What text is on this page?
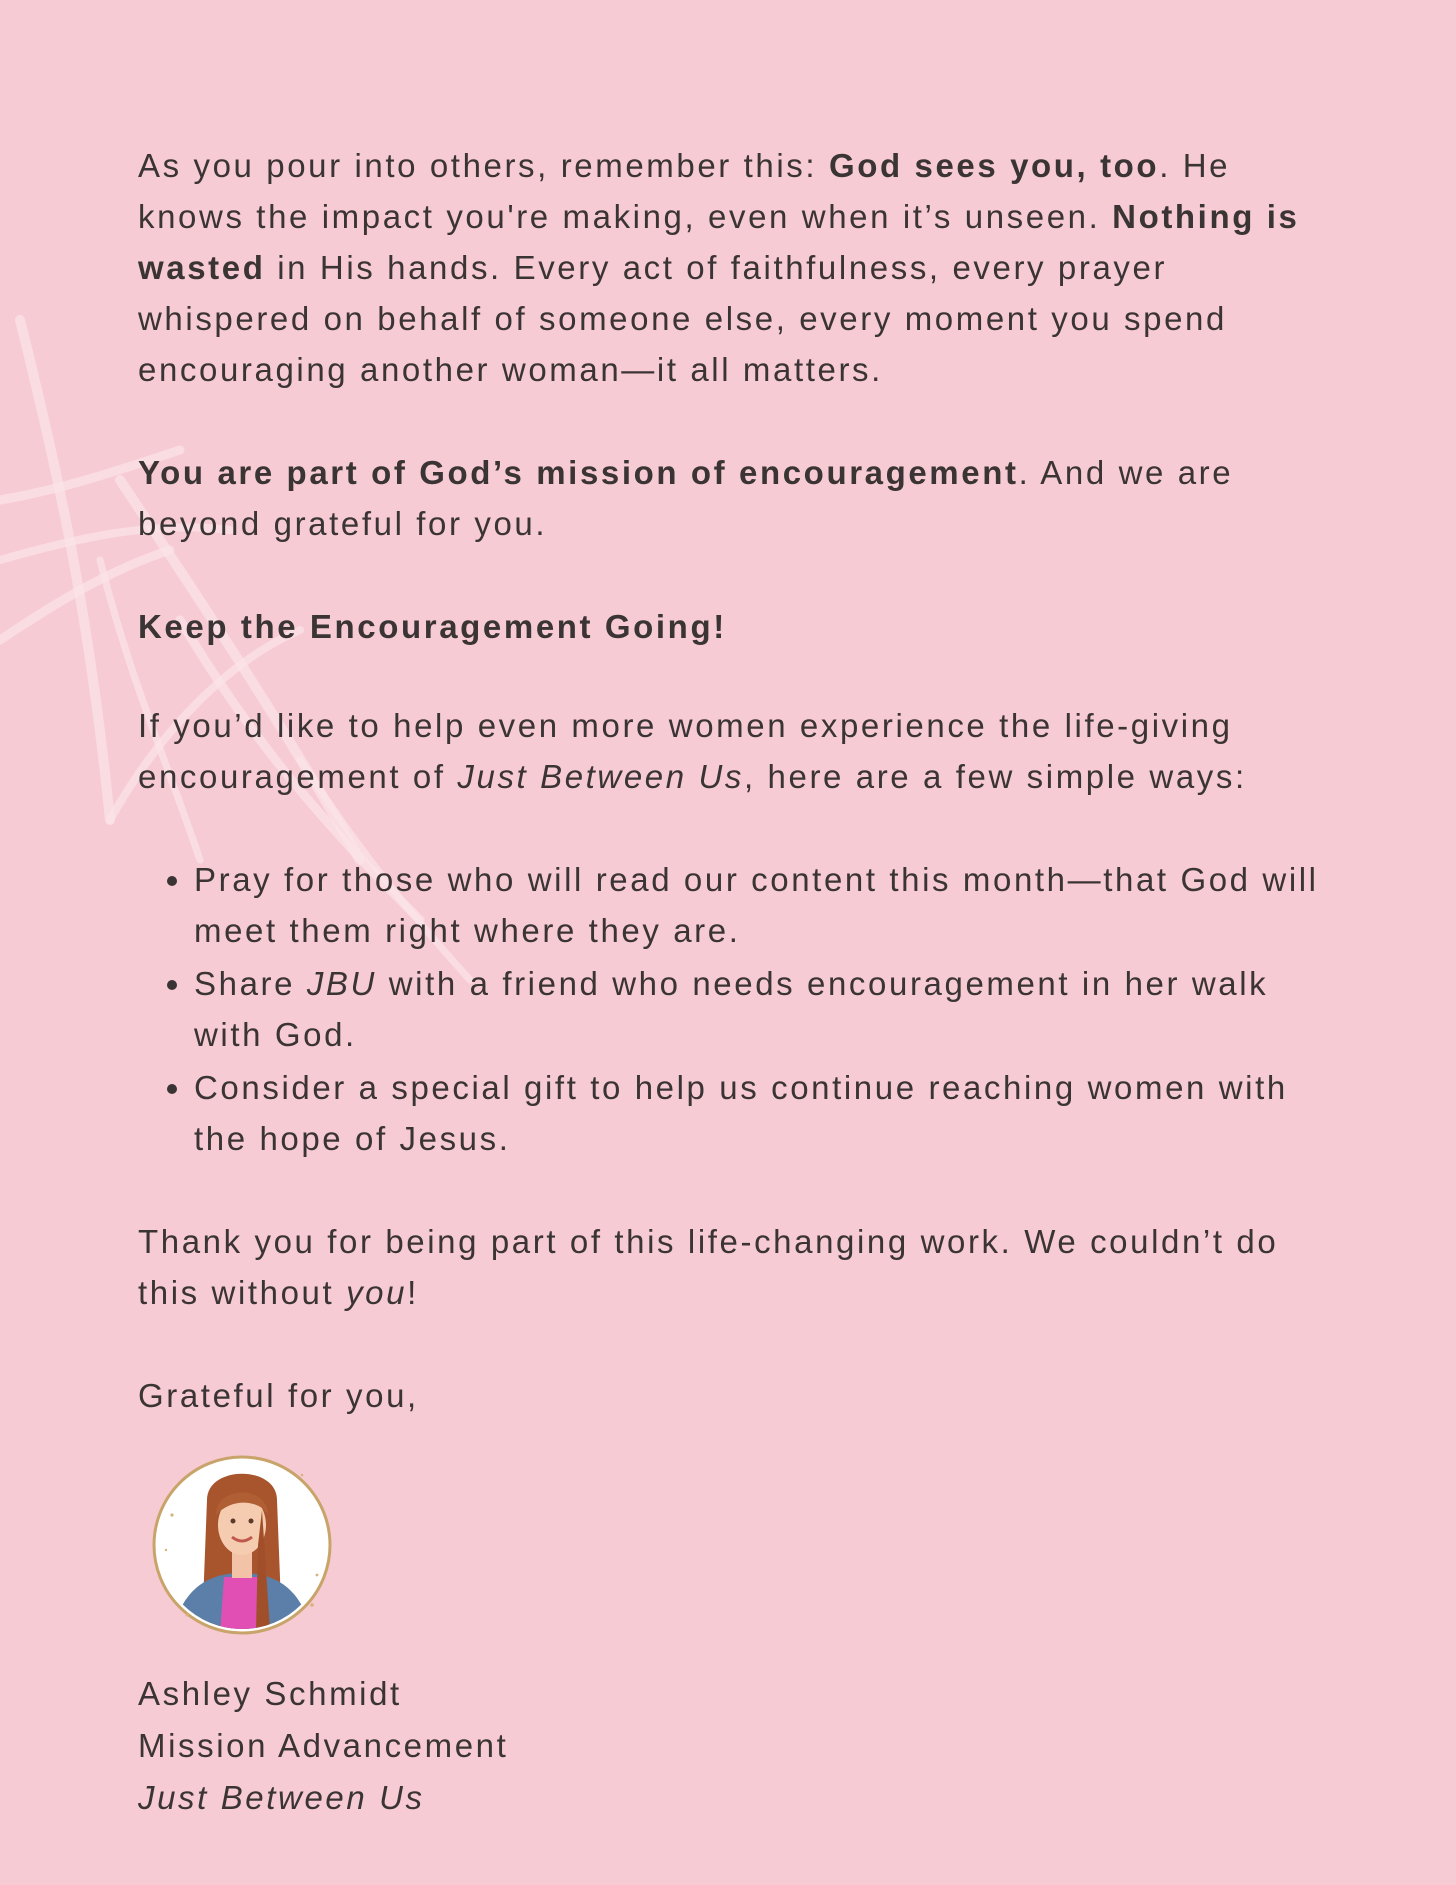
As you pour into others, remember this: God sees you, too. He knows the impact you're making, even when it’s unseen. Nothing is wasted in His hands. Every act of faithfulness, every prayer whispered on behalf of someone else, every moment you spend encouraging another woman—it all matters.

You are part of God’s mission of encouragement. And we are beyond grateful for you.

Keep the Encouragement Going!

If you’d like to help even more women experience the life-giving encouragement of Just Between Us, here are a few simple ways:

• Pray for those who will read our content this month—that God will meet them right where they are.
• Share JBU with a friend who needs encouragement in her walk with God.
• Consider a special gift to help us continue reaching women with the hope of Jesus.

Thank you for being part of this life-changing work. We couldn’t do this without you!

Grateful for you,

Ashley Schmidt
Mission Advancement
Just Between Us
